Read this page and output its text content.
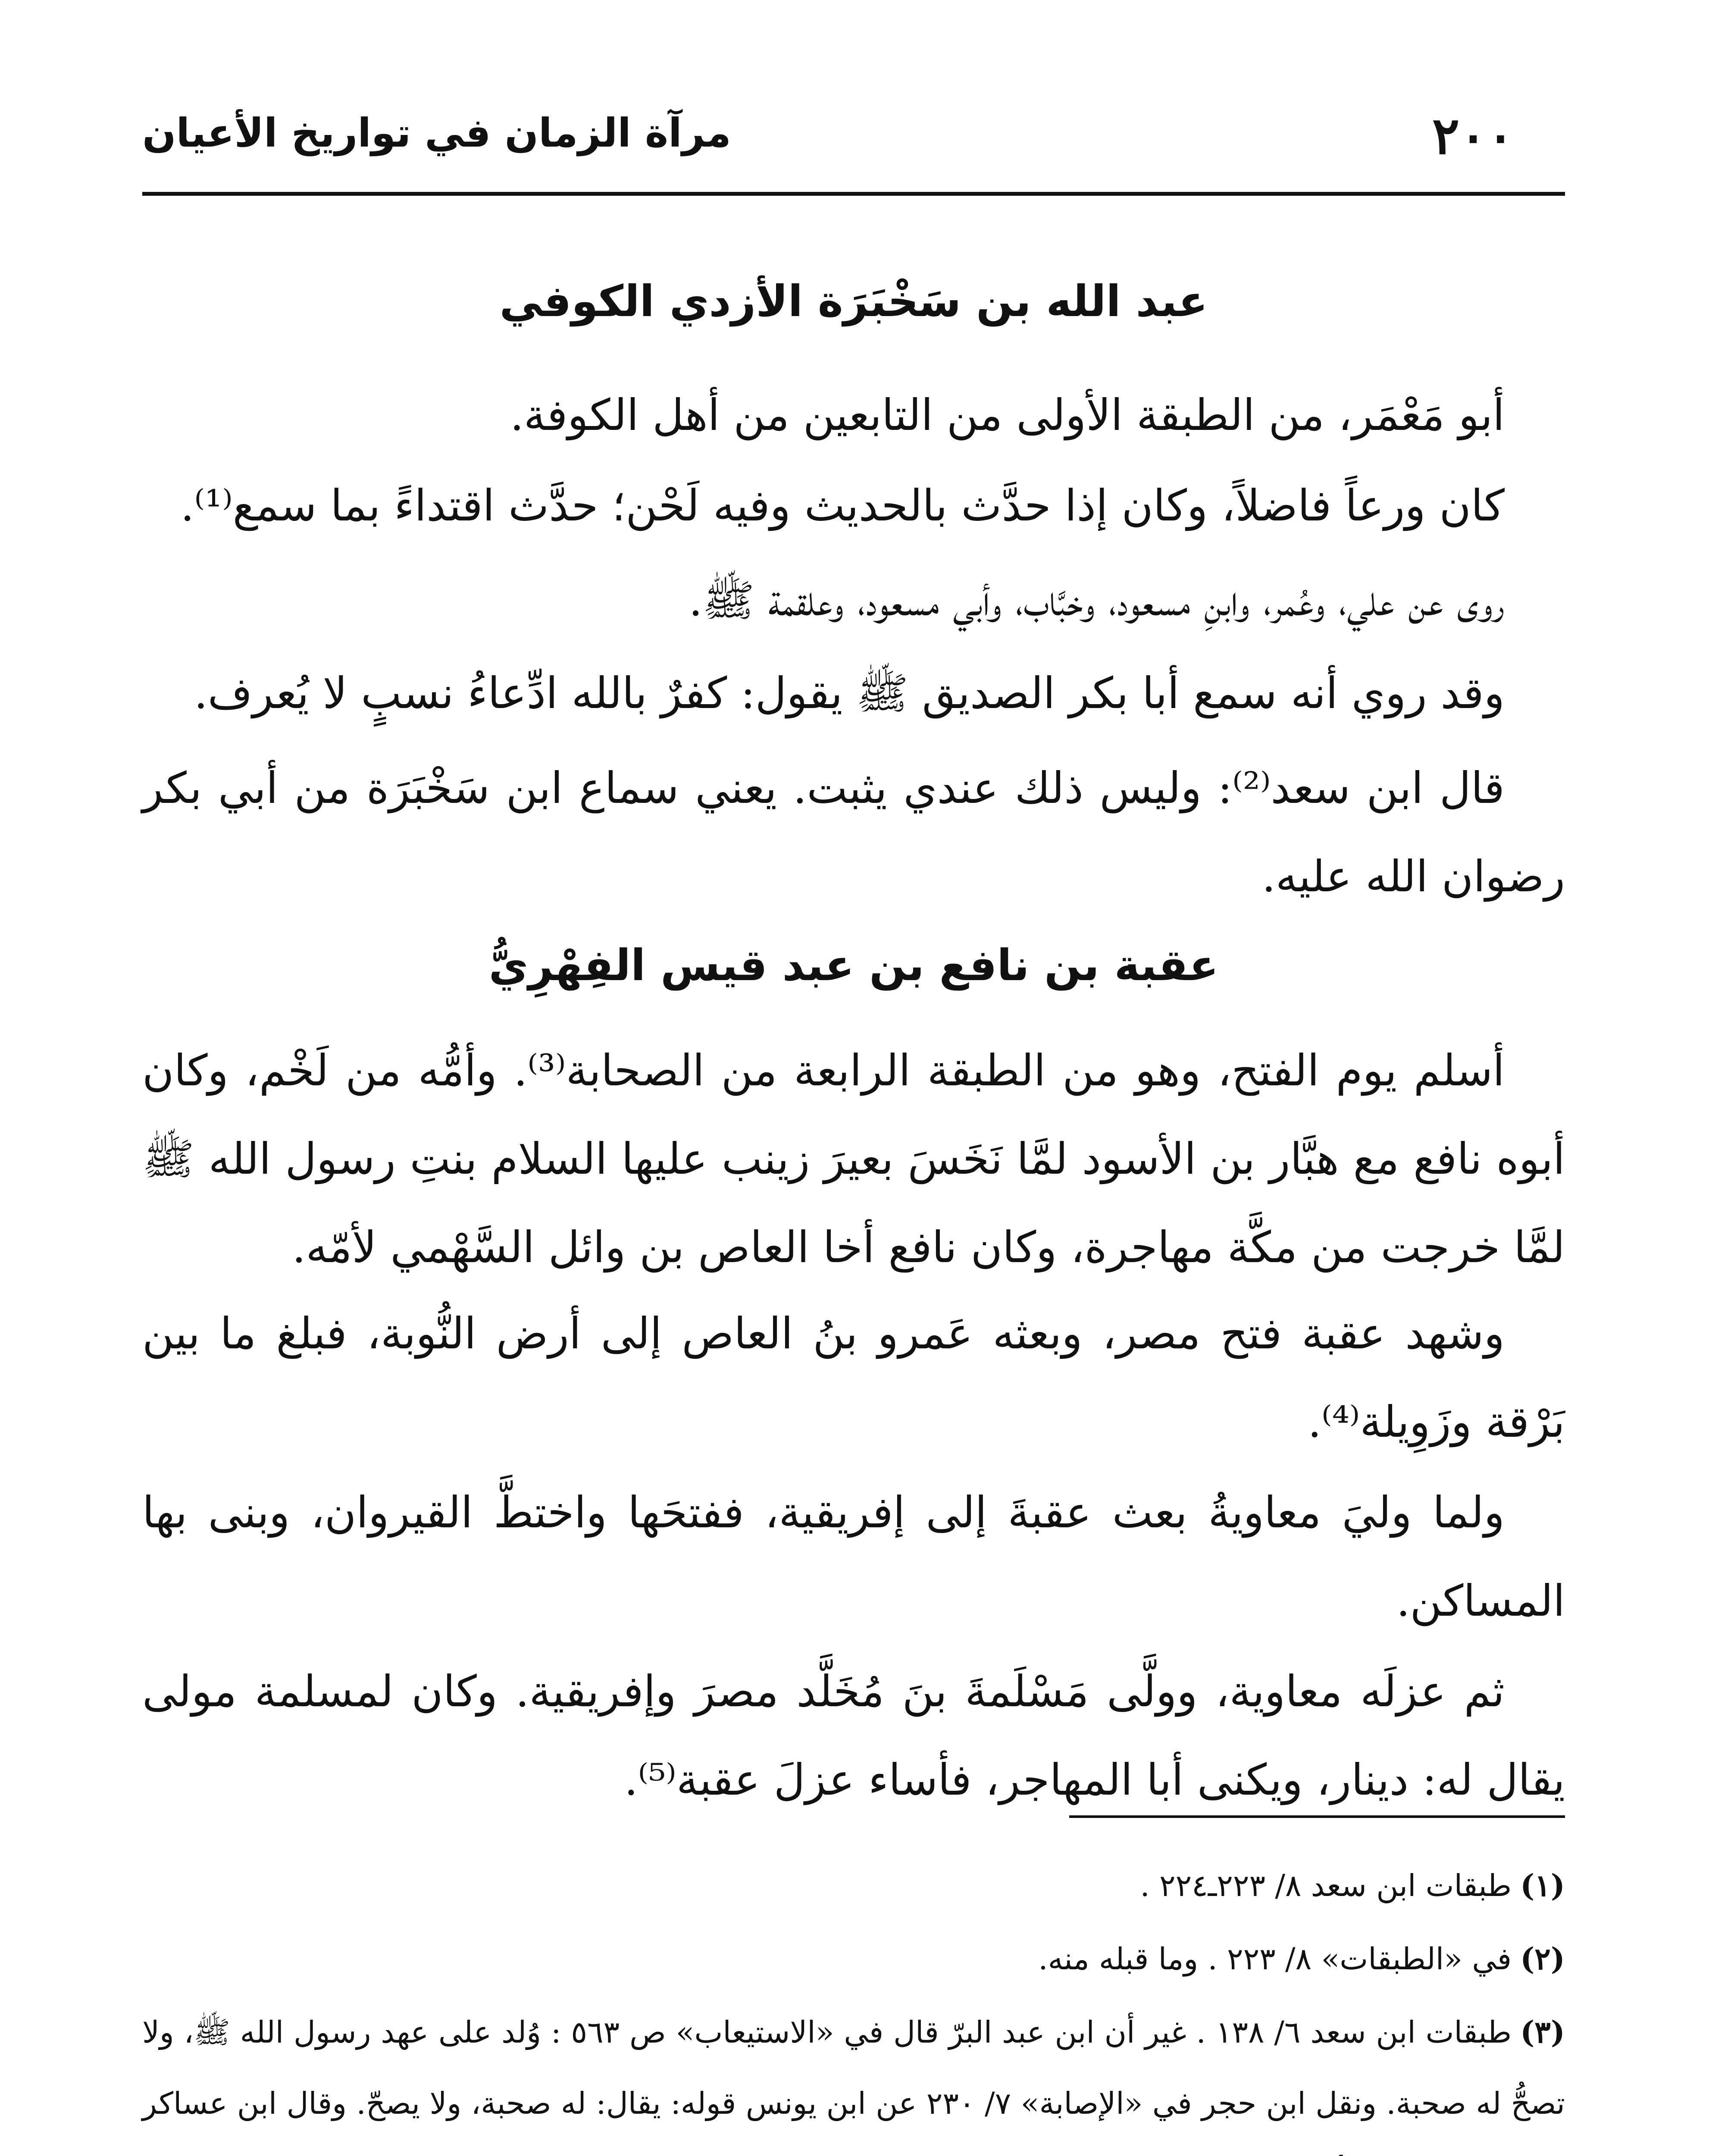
٢٠٠
مرآة الزمان في تواريخ الأعيان
عبد الله بن سَخْبَرَة الأزدي الكوفي
أبو مَعْمَر، من الطبقة الأولى من التابعين من أهل الكوفة.
كان ورعاً فاضلاً، وكان إذا حدَّث بالحديث وفيه لَحْن؛ حدَّث اقتداءً بما سمع⁽¹⁾.
روى عن علي، وعُمر، وابنِ مسعود، وخبَّاب، وأبي مسعود، وعلقمة ﷺ.
وقد روي أنه سمع أبا بكر الصديق ﷺ يقول: كفرٌ بالله ادِّعاءُ نسبٍ لا يُعرف.
قال ابن سعد⁽²⁾: وليس ذلك عندي يثبت. يعني سماع ابن سَخْبَرَة من أبي بكر رضوان الله عليه.
عقبة بن نافع بن عبد قيس الفِهْرِيُّ
أسلم يوم الفتح، وهو من الطبقة الرابعة من الصحابة⁽³⁾. وأمُّه من لَخْم، وكان أبوه نافع مع هبَّار بن الأسود لمَّا نَخَسَ بعيرَ زينب عليها السلام بنتِ رسول الله ﷺ لمَّا خرجت من مكَّة مهاجرة، وكان نافع أخا العاص بن وائل السَّهْمي لأمّه.
وشهد عقبة فتح مصر، وبعثه عَمرو بنُ العاص إلى أرض النُّوبة، فبلغ ما بين بَرْقة وزَوِيلة⁽⁴⁾.
ولما وليَ معاويةُ بعث عقبةَ إلى إفريقية، ففتحَها واختطَّ القيروان، وبنى بها المساكن.
ثم عزلَه معاوية، وولَّى مَسْلَمةَ بنَ مُخَلَّد مصرَ وإفريقية. وكان لمسلمة مولى يقال له: دينار، ويكنى أبا المهاجر، فأساء عزلَ عقبة⁽⁵⁾.
(١)طبقات ابن سعد ٨/ ٢٢٣ـ٢٢٤ .
(٢)في «الطبقات» ٨/ ٢٢٣ . وما قبله منه.
(٣)طبقات ابن سعد ٦/ ١٣٨ . غير أن ابن عبد البرّ قال في «الاستيعاب» ص ٥٦٣ : وُلد على عهد رسول الله ﷺ، ولا تصحُّ له صحبة. ونقل ابن حجر في «الإصابة» ٧/ ٢٣٠ عن ابن يونس قوله: يقال: له صحبة، ولا يصحّ. وقال ابن عساكر
